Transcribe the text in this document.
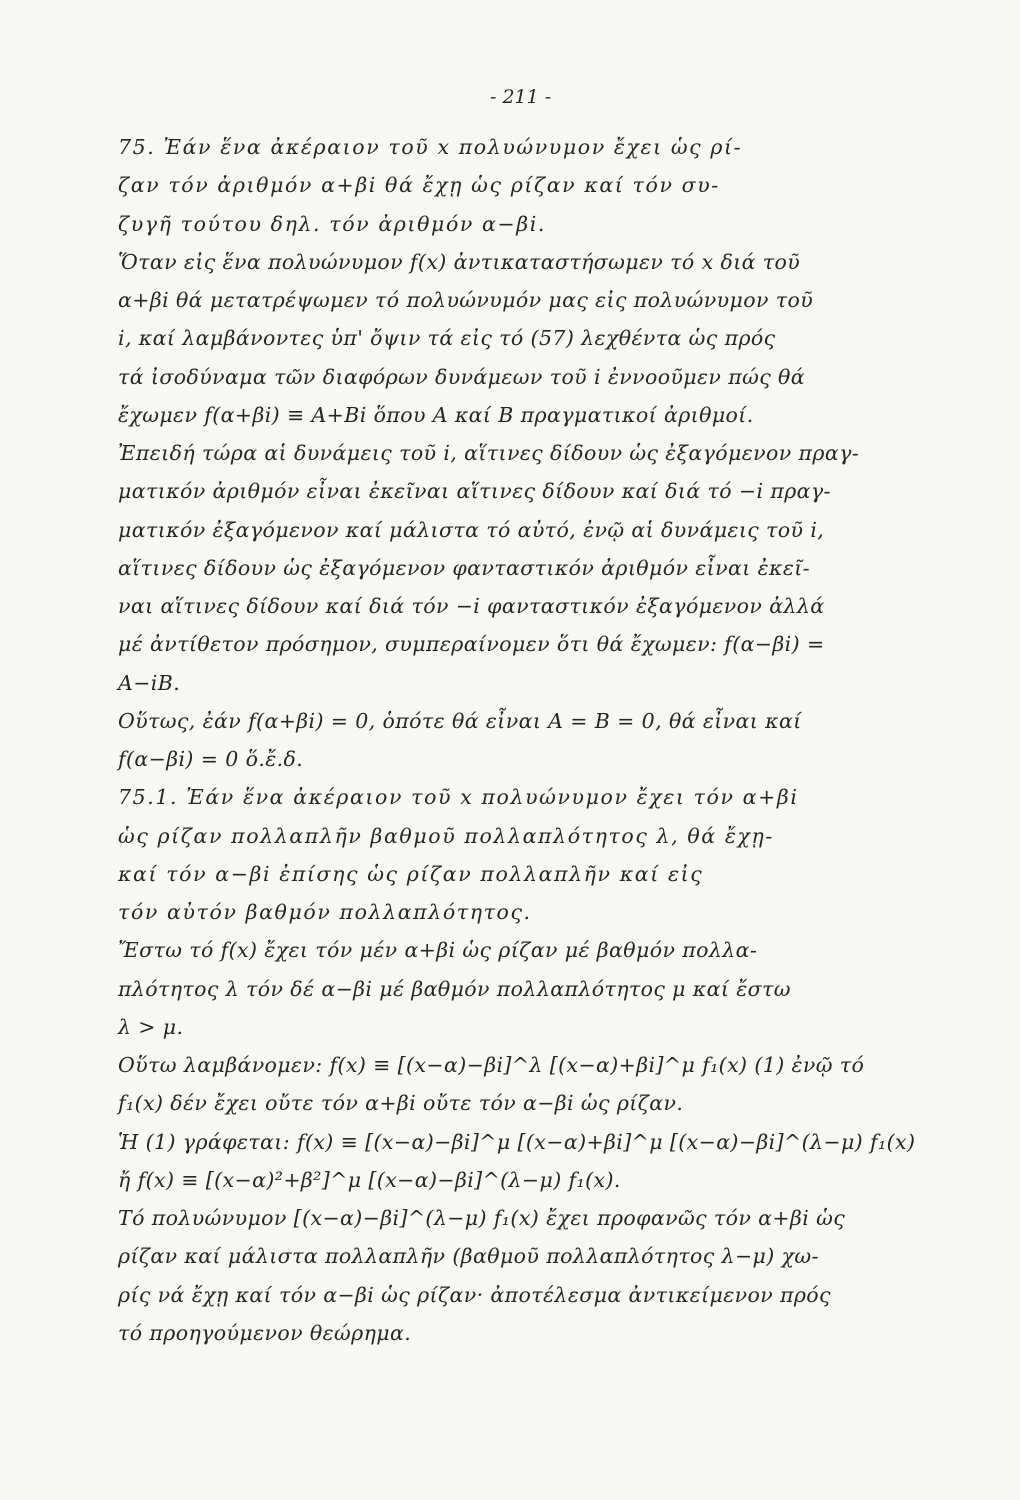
- 211 -
75. Ἐάν ἕνα ἀκέραιον τοῦ x πολυώνυμον ἔχει ὡς ρί-
ζαν τόν ἀριθμόν α+βi θά ἔχῃ ὡς ρίζαν καί τόν συ-
ζυγῆ τούτου δηλ. τόν ἀριθμόν α−βi.
Ὅταν εἰς ἕνα πολυώνυμον f(x) ἀντικαταστήσωμεν τό x διά τοῦ
α+βi θά μετατρέψωμεν τό πολυώνυμόν μας εἰς πολυώνυμον τοῦ
i, καί λαμβάνοντες ὑπ' ὄψιν τά εἰς τό (57) λεχθέντα ὡς πρός
τά ἰσοδύναμα τῶν διαφόρων δυνάμεων τοῦ i ἐννοοῦμεν πώς θά
ἔχωμεν f(α+βi) ≡ A+Bi ὅπου A καί B πραγματικοί ἀριθμοί.
Ἐπειδή τώρα αἱ δυνάμεις τοῦ i, αἵτινες δίδουν ὡς ἐξαγόμενον πραγ-
ματικόν ἀριθμόν εἶναι ἐκεῖναι αἵτινες δίδουν καί διά τό −i πραγ-
ματικόν ἐξαγόμενον καί μάλιστα τό αὐτό, ἐνῷ αἱ δυνάμεις τοῦ i,
αἵτινες δίδουν ὡς ἐξαγόμενον φανταστικόν ἀριθμόν εἶναι ἐκεῖ-
ναι αἵτινες δίδουν καί διά τόν −i φανταστικόν ἐξαγόμενον ἀλλά
μέ ἀντίθετον πρόσημον, συμπεραίνομεν ὅτι θά ἔχωμεν: f(α−βi) =
A−iB.
Οὕτως, ἐάν f(α+βi) = 0, ὁπότε θά εἶναι A = B = 0, θά εἶναι καί
f(α−βi) = 0 ὅ.ἔ.δ.
75.1. Ἐάν ἕνα ἀκέραιον τοῦ x πολυώνυμον ἔχει τόν α+βi
ὡς ρίζαν πολλαπλῆν βαθμοῦ πολλαπλότητος λ, θά ἔχῃ-
καί τόν α−βi ἐπίσης ὡς ρίζαν πολλαπλῆν καί εἰς
τόν αὐτόν βαθμόν πολλαπλότητος.
Ἔστω τό f(x) ἔχει τόν μέν α+βi ὡς ρίζαν μέ βαθμόν πολλα-
πλότητος λ τόν δέ α−βi μέ βαθμόν πολλαπλότητος μ καί ἔστω
λ > μ.
Οὕτω λαμβάνομεν: f(x) ≡ [(x−α)−βi]^λ [(x−α)+βi]^μ f₁(x) (1) ἐνῷ τό
f₁(x) δέν ἔχει οὔτε τόν α+βi οὔτε τόν α−βi ὡς ρίζαν.
Ἡ (1) γράφεται: f(x) ≡ [(x−α)−βi]^μ [(x−α)+βi]^μ [(x−α)−βi]^(λ−μ) f₁(x)
ἤ f(x) ≡ [(x−α)²+β²]^μ [(x−α)−βi]^(λ−μ) f₁(x).
Τό πολυώνυμον [(x−α)−βi]^(λ−μ) f₁(x) ἔχει προφανῶς τόν α+βi ὡς
ρίζαν καί μάλιστα πολλαπλῆν (βαθμοῦ πολλαπλότητος λ−μ) χω-
ρίς νά ἔχῃ καί τόν α−βi ὡς ρίζαν· ἀποτέλεσμα ἀντικείμενον πρός
τό προηγούμενον θεώρημα.
